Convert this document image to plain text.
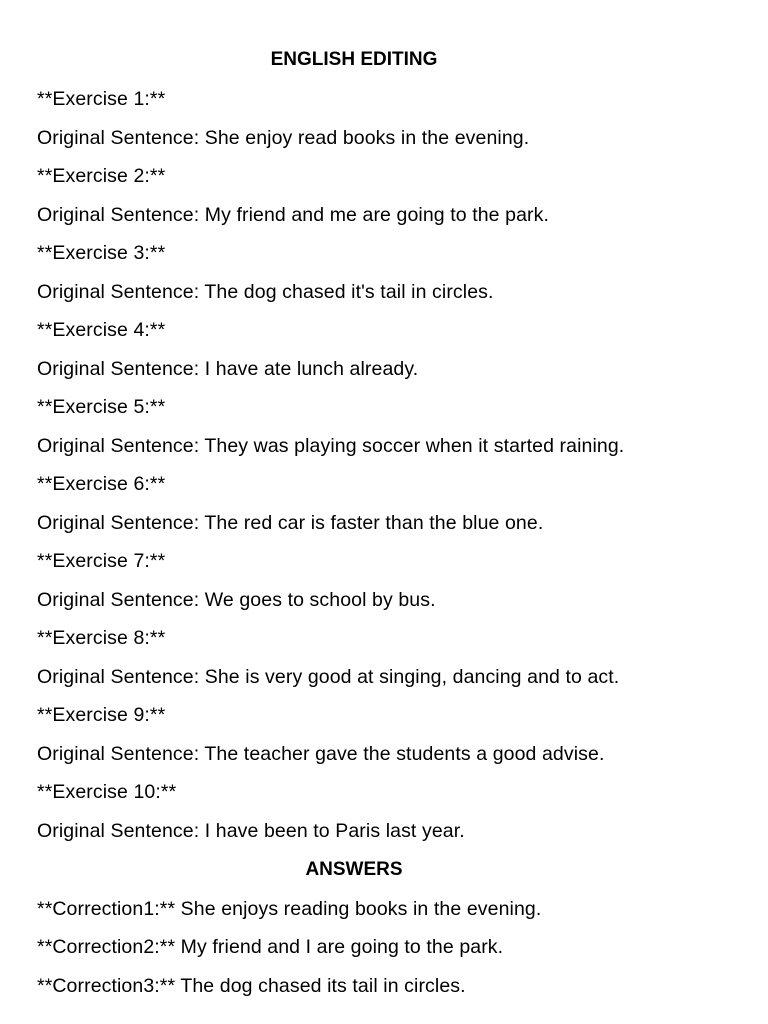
ENGLISH EDITING
**Exercise 1:**
Original Sentence: She enjoy read books in the evening.
**Exercise 2:**
Original Sentence: My friend and me are going to the park.
**Exercise 3:**
Original Sentence: The dog chased it's tail in circles.
**Exercise 4:**
Original Sentence: I have ate lunch already.
**Exercise 5:**
Original Sentence: They was playing soccer when it started raining.
**Exercise 6:**
Original Sentence: The red car is faster than the blue one.
**Exercise 7:**
Original Sentence: We goes to school by bus.
**Exercise 8:**
Original Sentence: She is very good at singing, dancing and to act.
**Exercise 9:**
Original Sentence: The teacher gave the students a good advise.
**Exercise 10:**
Original Sentence: I have been to Paris last year.
ANSWERS
**Correction1:** She enjoys reading books in the evening.
**Correction2:** My friend and I are going to the park.
**Correction3:** The dog chased its tail in circles.
